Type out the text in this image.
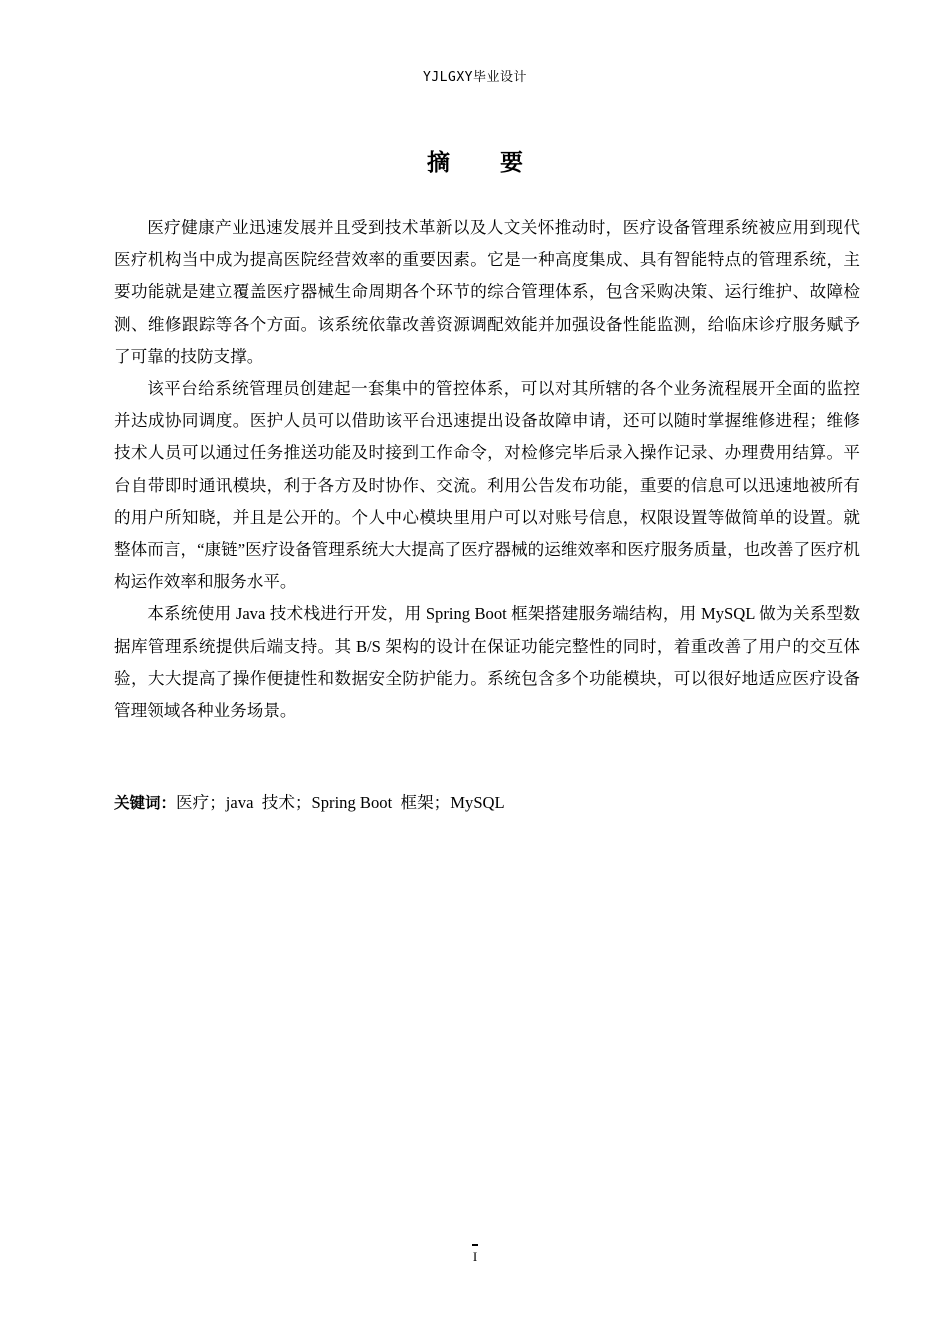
YJLGXY毕业设计
摘 要

医疗健康产业迅速发展并且受到技术革新以及人文关怀推动时，医疗设备管理系统被应用到现代医疗机构当中成为提高医院经营效率的重要因素。它是一种高度集成、具有智能特点的管理系统，主要功能就是建立覆盖医疗器械生命周期各个环节的综合管理体系，包含采购决策、运行维护、故障检测、维修跟踪等各个方面。该系统依靠改善资源调配效能并加强设备性能监测，给临床诊疗服务赋予了可靠的技防支撑。

该平台给系统管理员创建起一套集中的管控体系，可以对其所辖的各个业务流程展开全面的监控并达成协同调度。医护人员可以借助该平台迅速提出设备故障申请，还可以随时掌握维修进程；维修技术人员可以通过任务推送功能及时接到工作命令，对检修完毕后录入操作记录、办理费用结算。平台自带即时通讯模块，利于各方及时协作、交流。利用公告发布功能，重要的信息可以迅速地被所有的用户所知晓，并且是公开的。个人中心模块里用户可以对账号信息，权限设置等做简单的设置。就整体而言，“康链”医疗设备管理系统大大提高了医疗器械的运维效率和医疗服务质量，也改善了医疗机构运作效率和服务水平。

本系统使用 Java 技术栈进行开发，用 Spring Boot 框架搭建服务端结构，用 MySQL 做为关系型数据库管理系统提供后端支持。其 B/S 架构的设计在保证功能完整性的同时，着重改善了用户的交互体验，大大提高了操作便捷性和数据安全防护能力。系统包含多个功能模块，可以很好地适应医疗设备管理领域各种业务场景。

关键词：医疗；java  技术；Spring Boot  框架；MySQL
I
